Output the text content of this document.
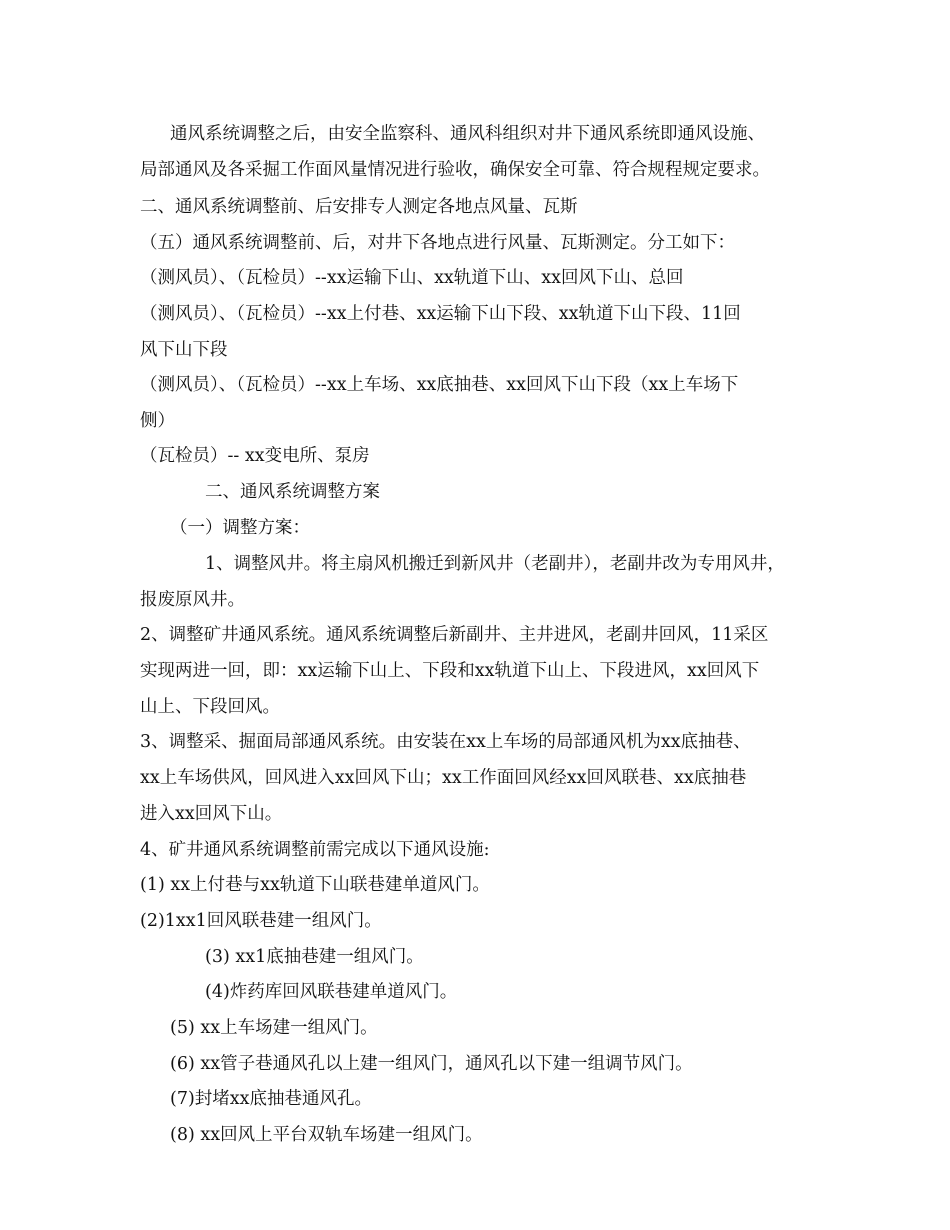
通风系统调整之后，由安全监察科、通风科组织对井下通风系统即通风设施、
局部通风及各采掘工作面风量情况进行验收，确保安全可靠、符合规程规定要求。
二、通风系统调整前、后安排专人测定各地点风量、瓦斯
（五）通风系统调整前、后，对井下各地点进行风量、瓦斯测定。分工如下：
（测风员）、（瓦检员）--xx运输下山、xx轨道下山、xx回风下山、总回
（测风员）、（瓦检员）--xx上付巷、xx运输下山下段、xx轨道下山下段、11回
风下山下段
（测风员）、（瓦检员）--xx上车场、xx底抽巷、xx回风下山下段（xx上车场下
侧）
（瓦检员）-- xx变电所、泵房
二、通风系统调整方案
（一）调整方案：
1、调整风井。将主扇风机搬迁到新风井（老副井），老副井改为专用风井，
报废原风井。
2、调整矿井通风系统。通风系统调整后新副井、主井进风，老副井回风，11采区
实现两进一回，即：xx运输下山上、下段和xx轨道下山上、下段进风，xx回风下
山上、下段回风。
3、调整采、掘面局部通风系统。由安装在xx上车场的局部通风机为xx底抽巷、
xx上车场供风，回风进入xx回风下山；xx工作面回风经xx回风联巷、xx底抽巷
进入xx回风下山。
4、矿井通风系统调整前需完成以下通风设施:
(1) xx上付巷与xx轨道下山联巷建单道风门。
(2)1xx1回风联巷建一组风门。
(3) xx1底抽巷建一组风门。
(4)炸药库回风联巷建单道风门。
(5) xx上车场建一组风门。
(6) xx管子巷通风孔以上建一组风门，通风孔以下建一组调节风门。
(7)封堵xx底抽巷通风孔。
(8) xx回风上平台双轨车场建一组风门。
